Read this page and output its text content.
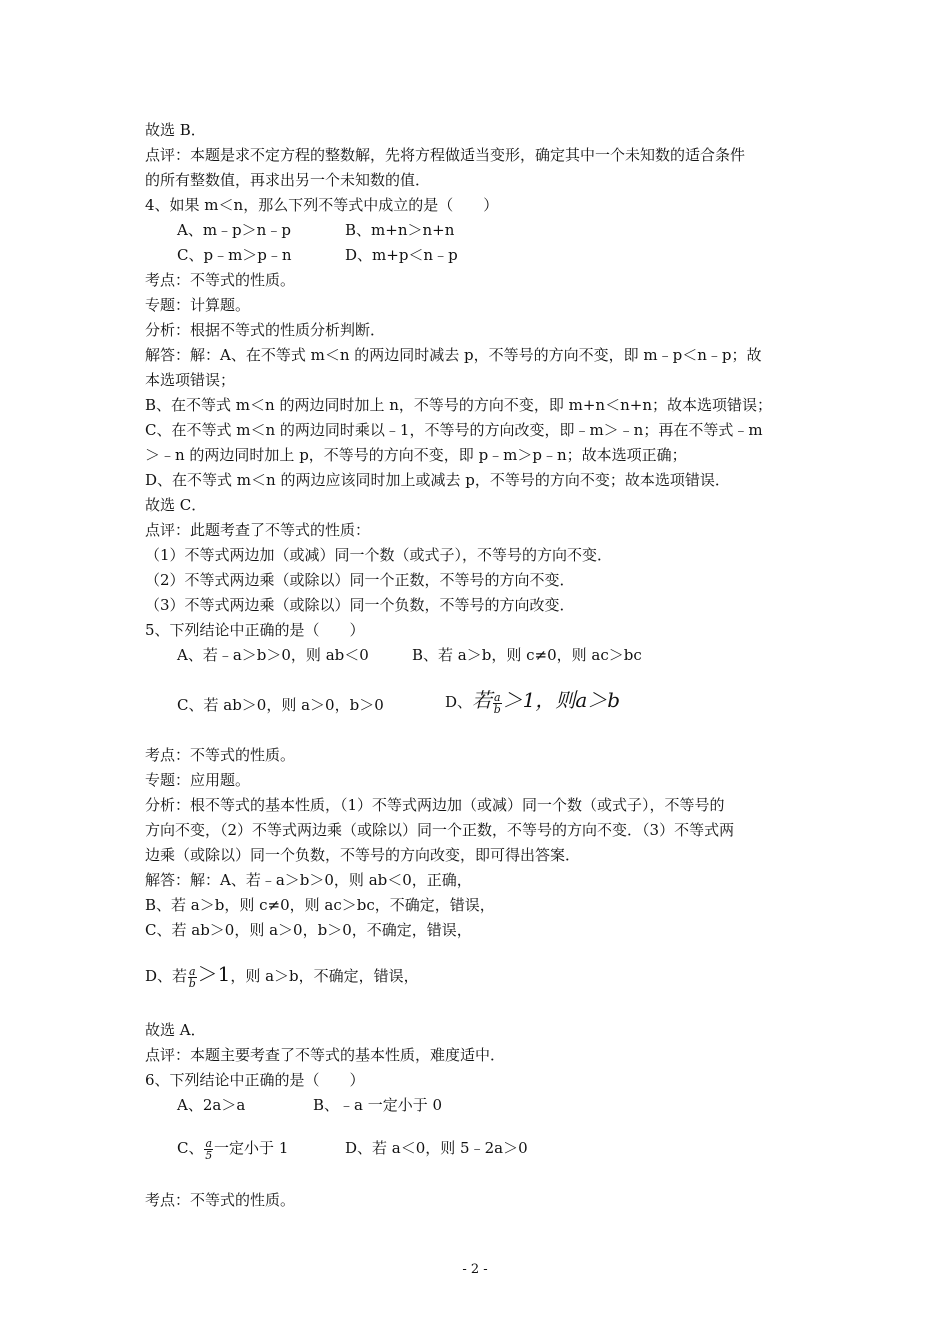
故选 B．
点评：本题是求不定方程的整数解，先将方程做适当变形，确定其中一个未知数的适合条件
的所有整数值，再求出另一个未知数的值．
4、如果 m＜n，那么下列不等式中成立的是（　　）
A、m﹣p＞n﹣p	B、m+n＞n+n
C、p﹣m＞p﹣n	D、m+p＜n﹣p
考点：不等式的性质。
专题：计算题。
分析：根据不等式的性质分析判断．
解答：解：A、在不等式 m＜n 的两边同时减去 p，不等号的方向不变，即 m﹣p＜n﹣p；故
本选项错误；
B、在不等式 m＜n 的两边同时加上 n，不等号的方向不变，即 m+n＜n+n；故本选项错误；
C、在不等式 m＜n 的两边同时乘以﹣1，不等号的方向改变，即﹣m＞﹣n；再在不等式﹣m
＞﹣n 的两边同时加上 p，不等号的方向不变，即 p﹣m＞p﹣n；故本选项正确；
D、在不等式 m＜n 的两边应该同时加上或减去 p，不等号的方向不变；故本选项错误．
故选 C．
点评：此题考查了不等式的性质：
（1）不等式两边加（或减）同一个数（或式子），不等号的方向不变．
（2）不等式两边乘（或除以）同一个正数，不等号的方向不变．
（3）不等式两边乘（或除以）同一个负数，不等号的方向改变．
5、下列结论中正确的是（　　）
A、若﹣a＞b＞0，则 ab＜0	B、若 a＞b，则 c≠0，则 ac＞bc
C、若 ab＞0，则 a＞0，b＞0	D、若 $\frac{a}{b} >1$，则a＞b
考点：不等式的性质。
专题：应用题。
分析：根不等式的基本性质，（1）不等式两边加（或减）同一个数（或式子），不等号的
方向不变，（2）不等式两边乘（或除以）同一个正数，不等号的方向不变．（3）不等式两
边乘（或除以）同一个负数，不等号的方向改变，即可得出答案．
解答：解：A、若﹣a＞b＞0，则 ab＜0，正确，
B、若 a＞b，则 c≠0，则 ac＞bc，不确定，错误，
C、若 ab＞0，则 a＞0，b＞0，不确定，错误，
D、若 $\frac{a}{b} >1$，则 a＞b，不确定，错误，
故选 A．
点评：本题主要考查了不等式的基本性质，难度适中．
6、下列结论中正确的是（　　）
A、2a＞a	B、﹣a 一定小于 0
C、 $\frac{a}{5}$ 一定小于 1	D、若 a＜0，则 5﹣2a＞0
考点：不等式的性质。
- 2 -
